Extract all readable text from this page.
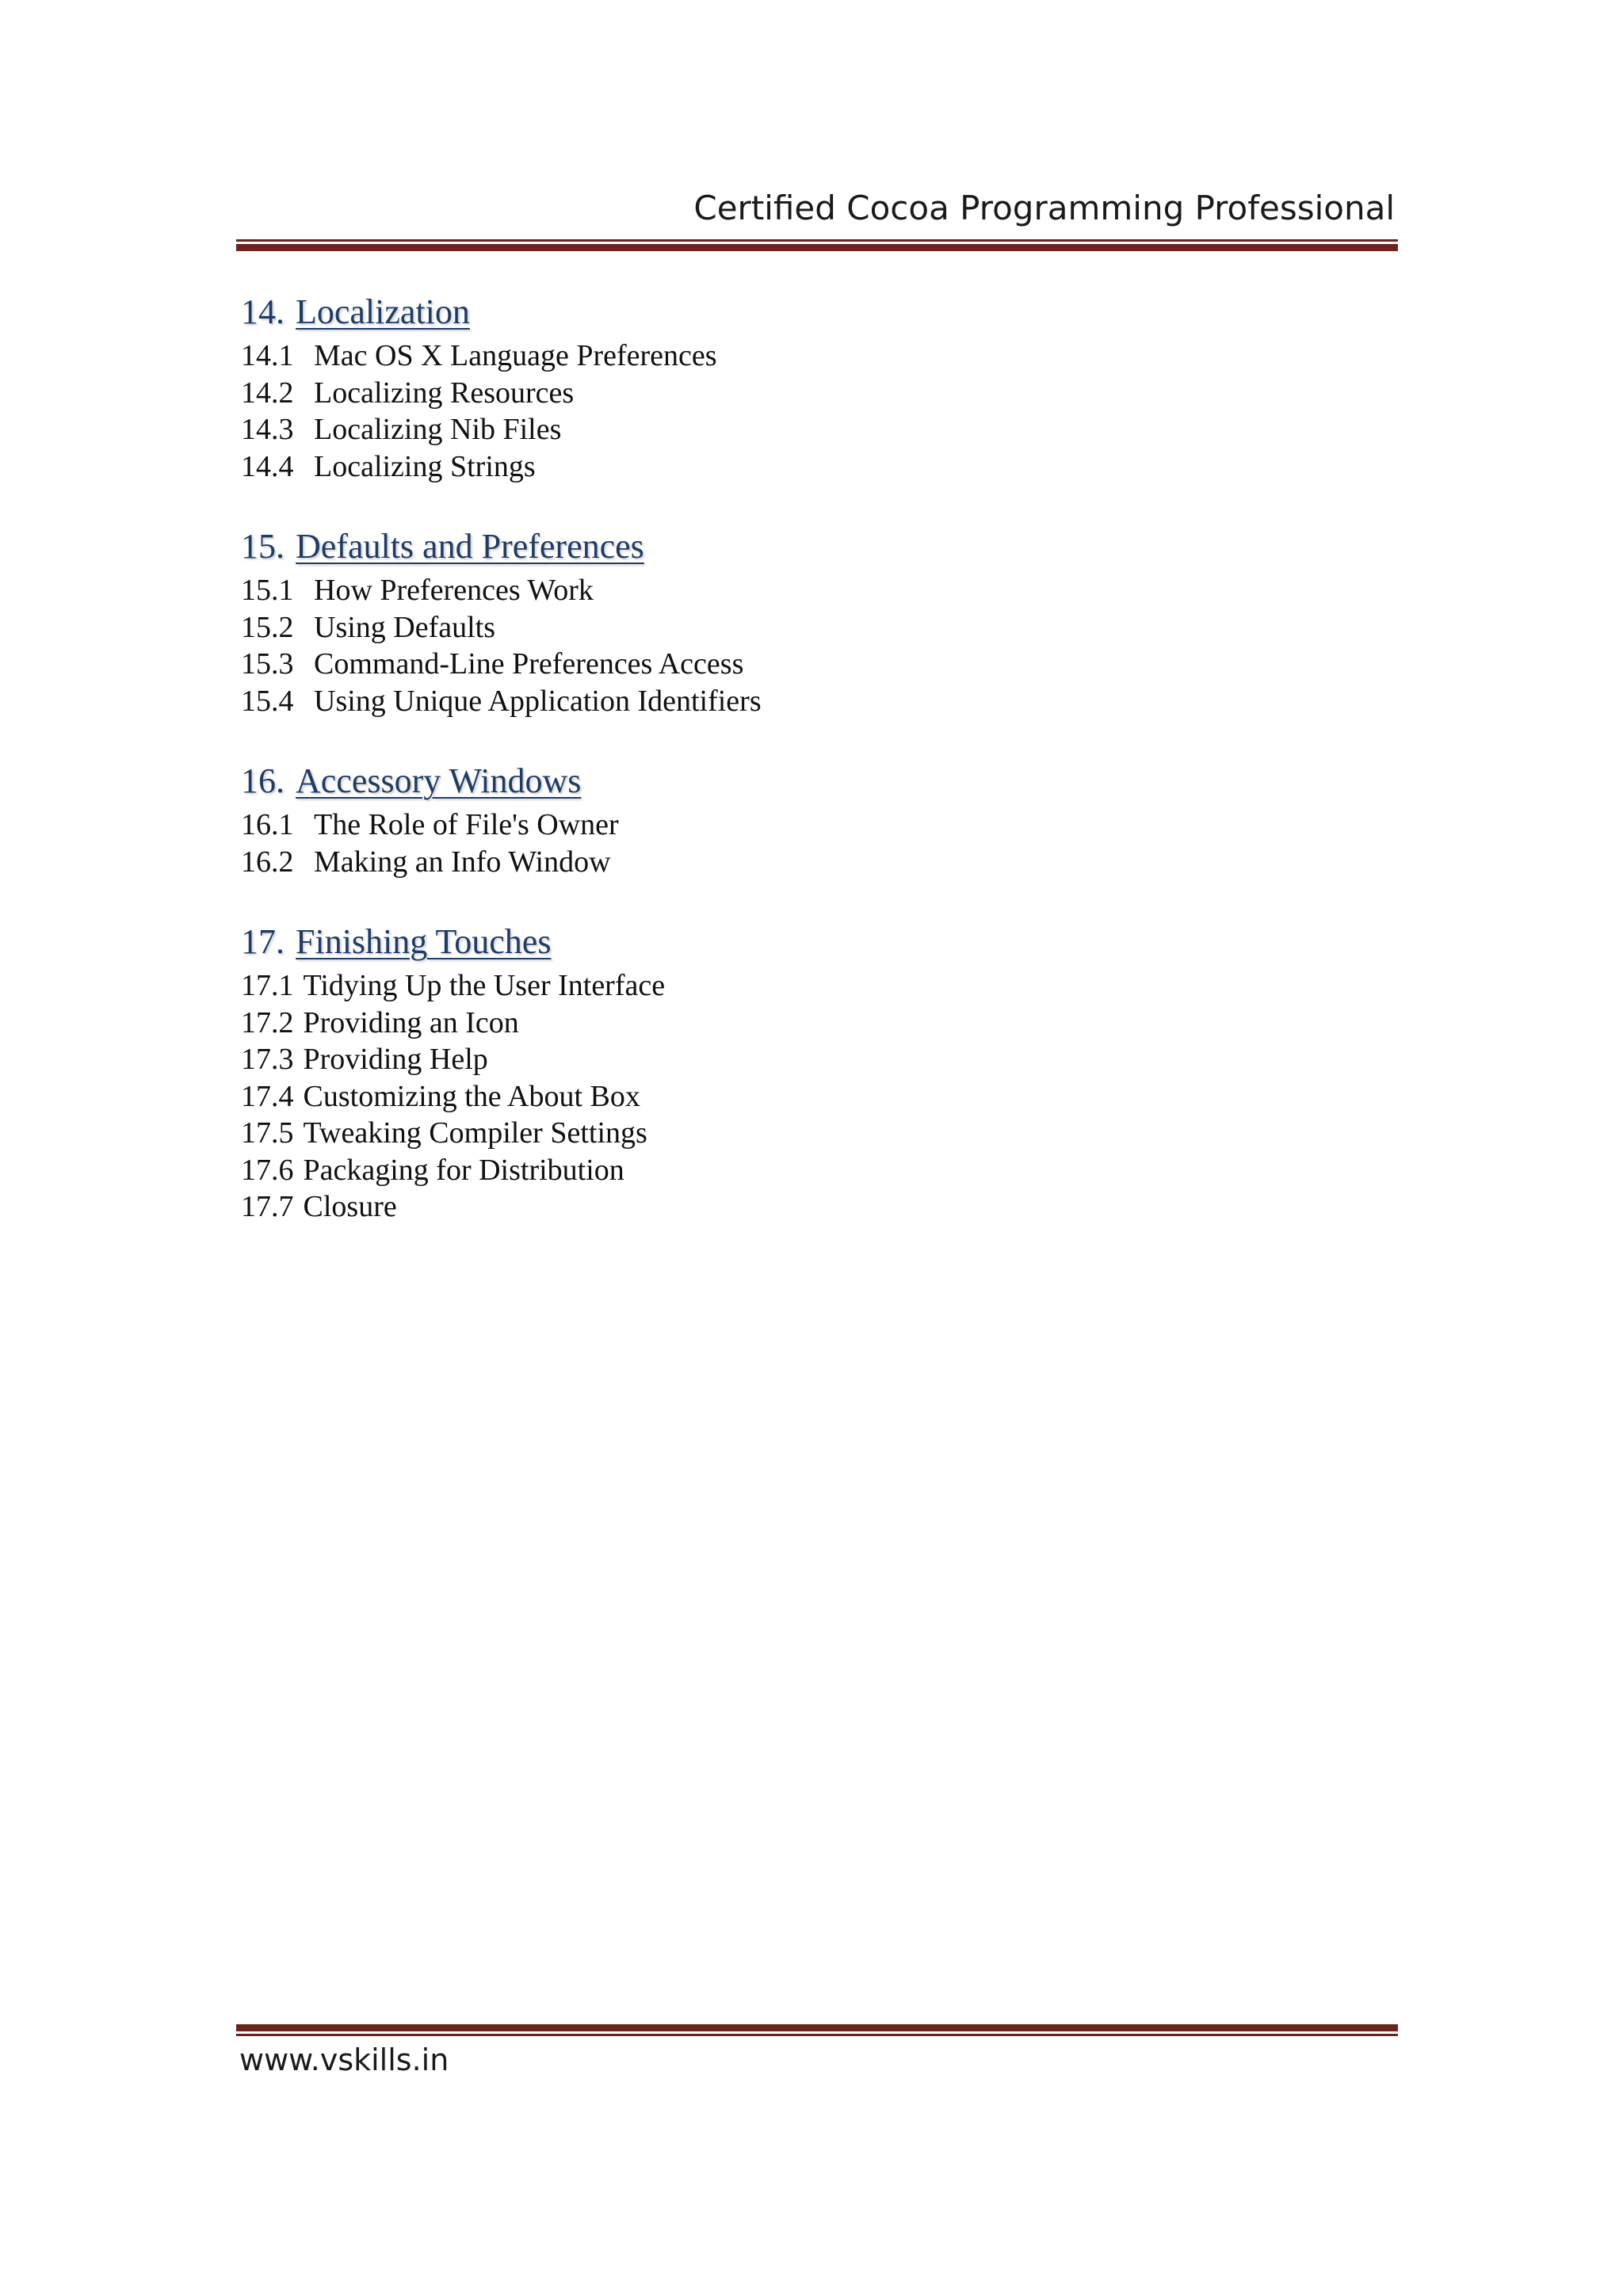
Certified Cocoa Programming Professional
14. Localization
14.1 Mac OS X Language Preferences
14.2 Localizing Resources
14.3 Localizing Nib Files
14.4 Localizing Strings
15. Defaults and Preferences
15.1 How Preferences Work
15.2 Using Defaults
15.3 Command-Line Preferences Access
15.4 Using Unique Application Identifiers
16. Accessory Windows
16.1 The Role of File's Owner
16.2 Making an Info Window
17. Finishing Touches
17.1 Tidying Up the User Interface
17.2 Providing an Icon
17.3 Providing Help
17.4 Customizing the About Box
17.5 Tweaking Compiler Settings
17.6 Packaging for Distribution
17.7 Closure
www.vskills.in
